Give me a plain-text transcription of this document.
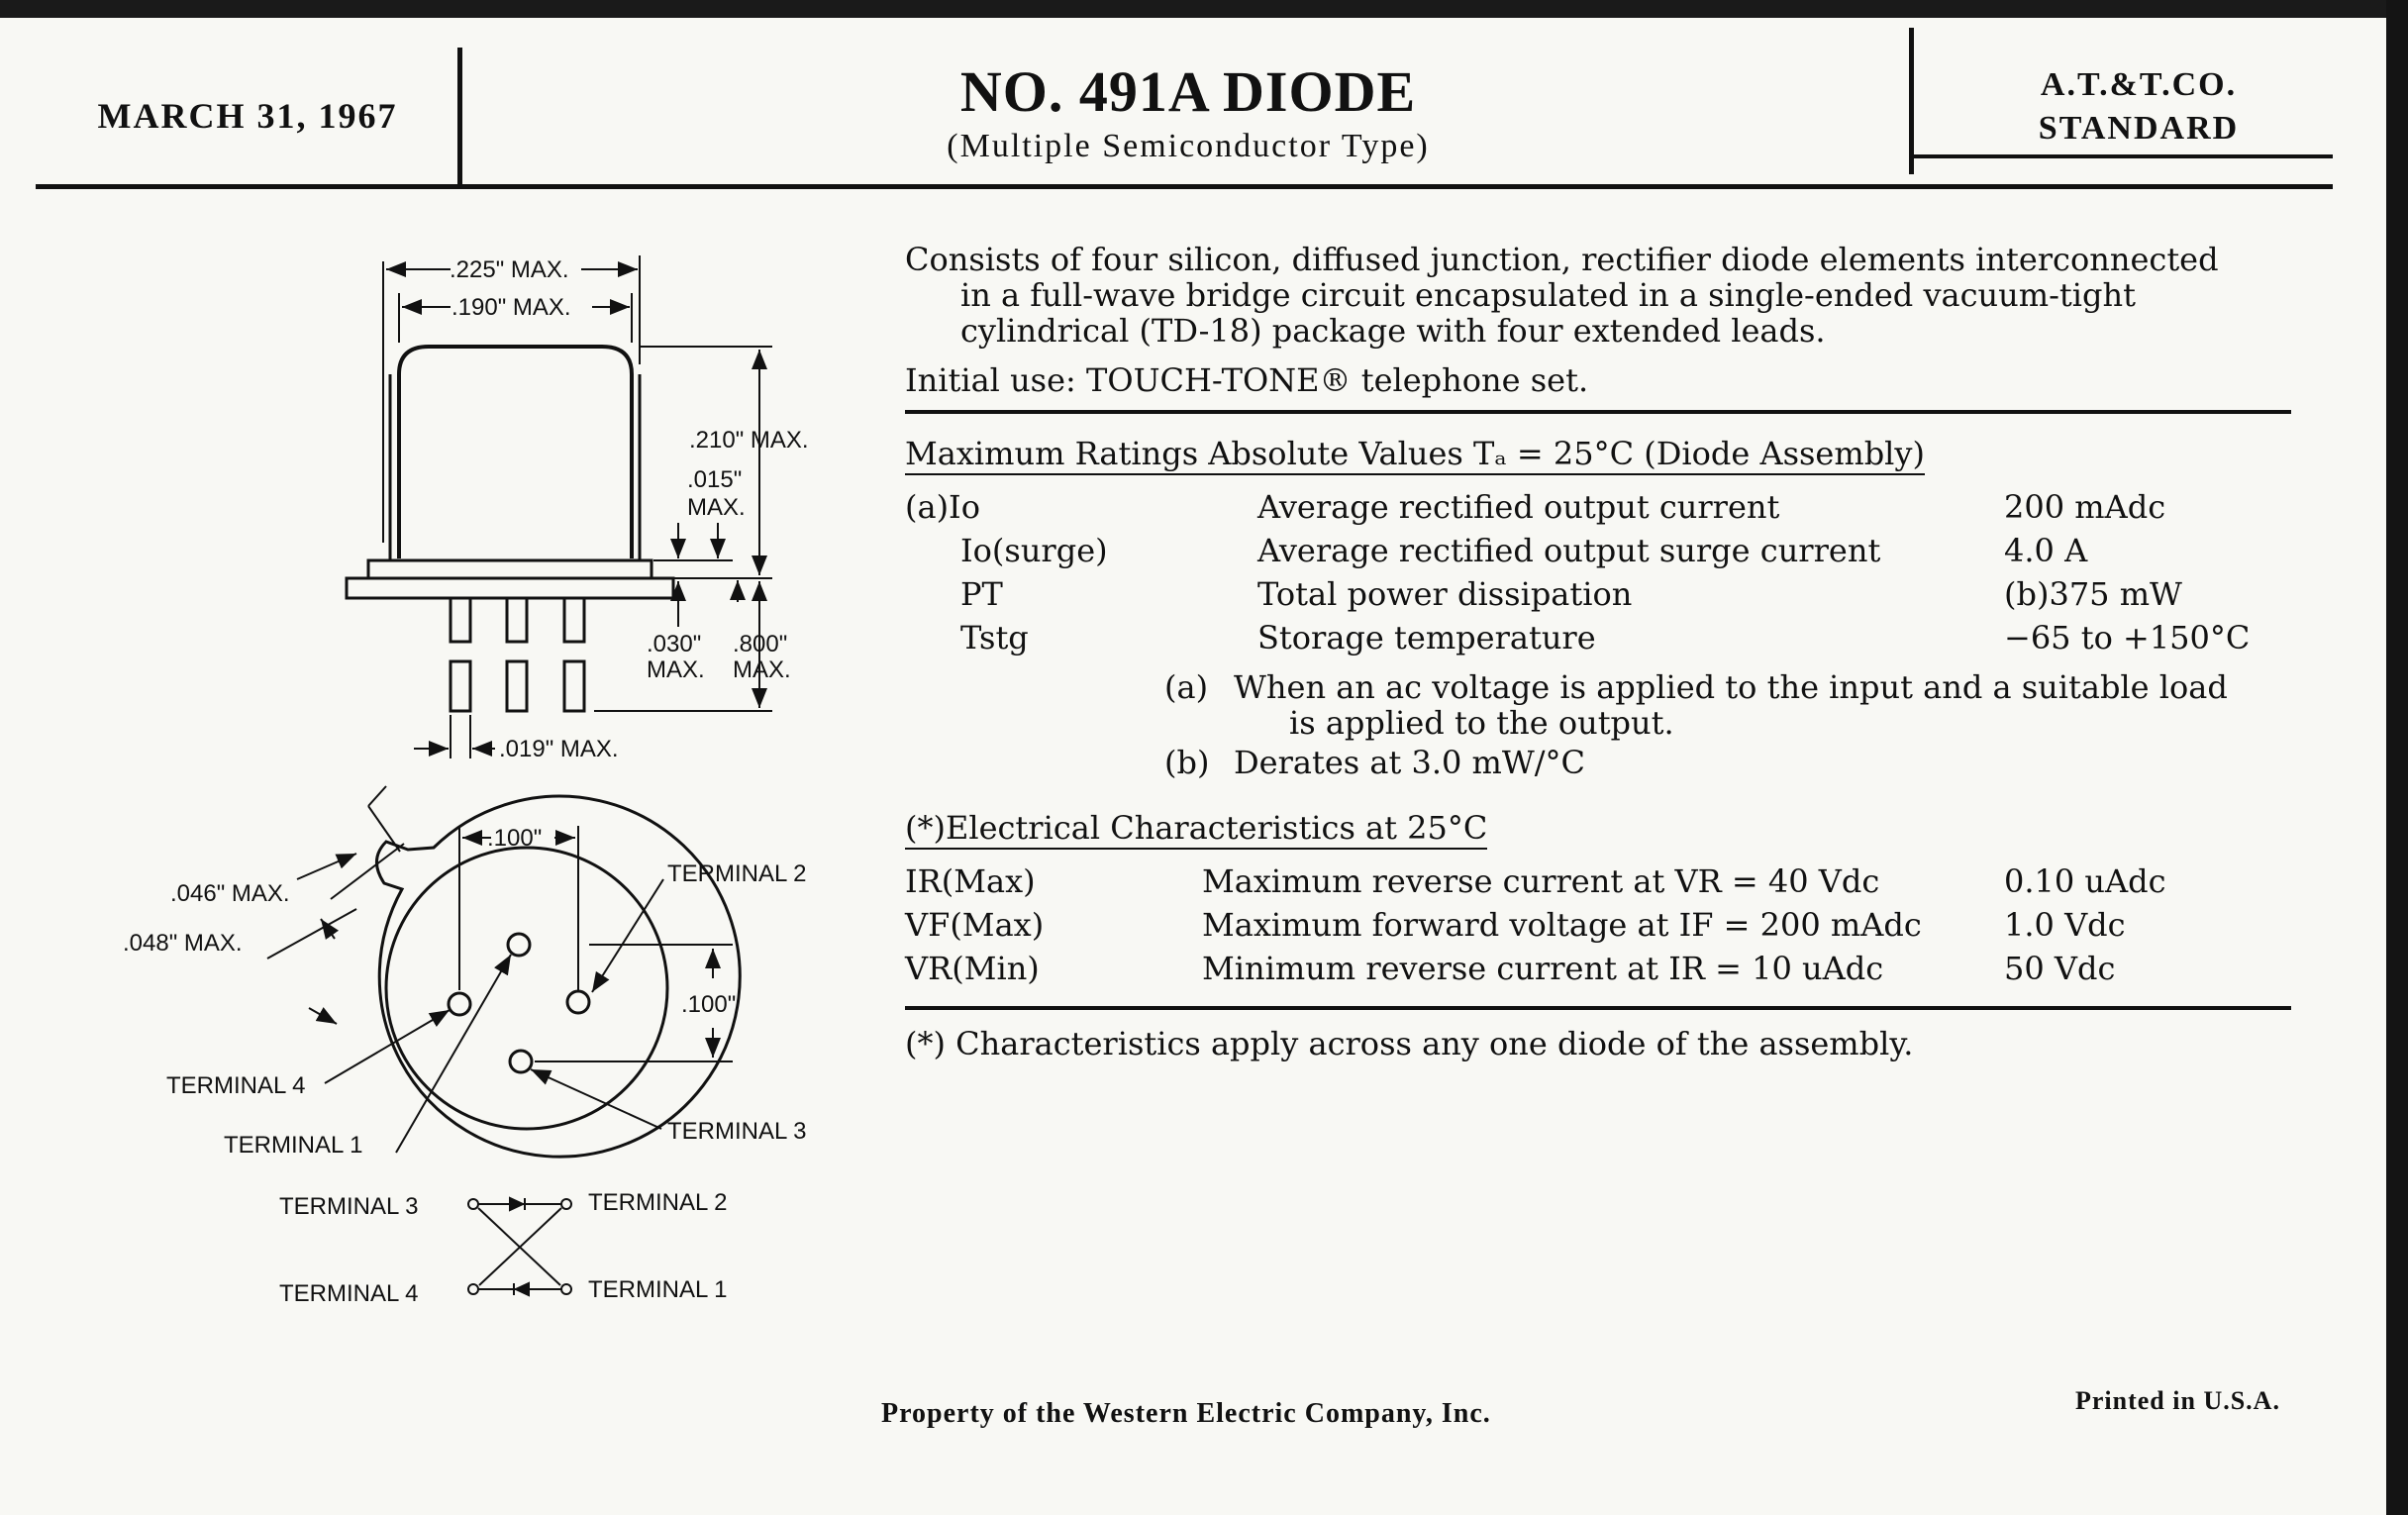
MARCH 31, 1967	NO. 491A DIODE
(Multiple Semiconductor Type)
A.T.&T.CO.
STANDARD
.225" MAX.
.190" MAX.
.210" MAX.
.015"
MAX.
.030"
MAX.
.800"
MAX.
.019" MAX.
.100"
.046" MAX.
.048" MAX.
.100"
TERMINAL 2
TERMINAL 4
TERMINAL 1
TERMINAL 3
TERMINAL 3	TERMINAL 2
TERMINAL 4	TERMINAL 1

Consists of four silicon, diffused junction, rectifier diode elements interconnected
in a full-wave bridge circuit encapsulated in a single-ended vacuum-tight
cylindrical (TD-18) package with four extended leads.

Initial use: TOUCH-TONE® telephone set.
Maximum Ratings Absolute Values Tₐ = 25°C (Diode Assembly)
(a)Io	Average rectified output current	200 mAdc
Io(surge)	Average rectified output surge current	4.0 A
PT	Total power dissipation	(b)375 mW
Tstg	Storage temperature	−65 to +150°C
(a) When an ac voltage is applied to the input and a suitable load
is applied to the output.
(b) Derates at 3.0 mW/°C
(*)Electrical Characteristics at 25°C
IR(Max)	Maximum reverse current at VR = 40 Vdc	0.10 uAdc
VF(Max)	Maximum forward voltage at IF = 200 mAdc	1.0 Vdc
VR(Min)	Minimum reverse current at IR = 10 uAdc	50 Vdc
(*) Characteristics apply across any one diode of the assembly.
Property of the Western Electric Company, Inc.	Printed in U.S.A.
